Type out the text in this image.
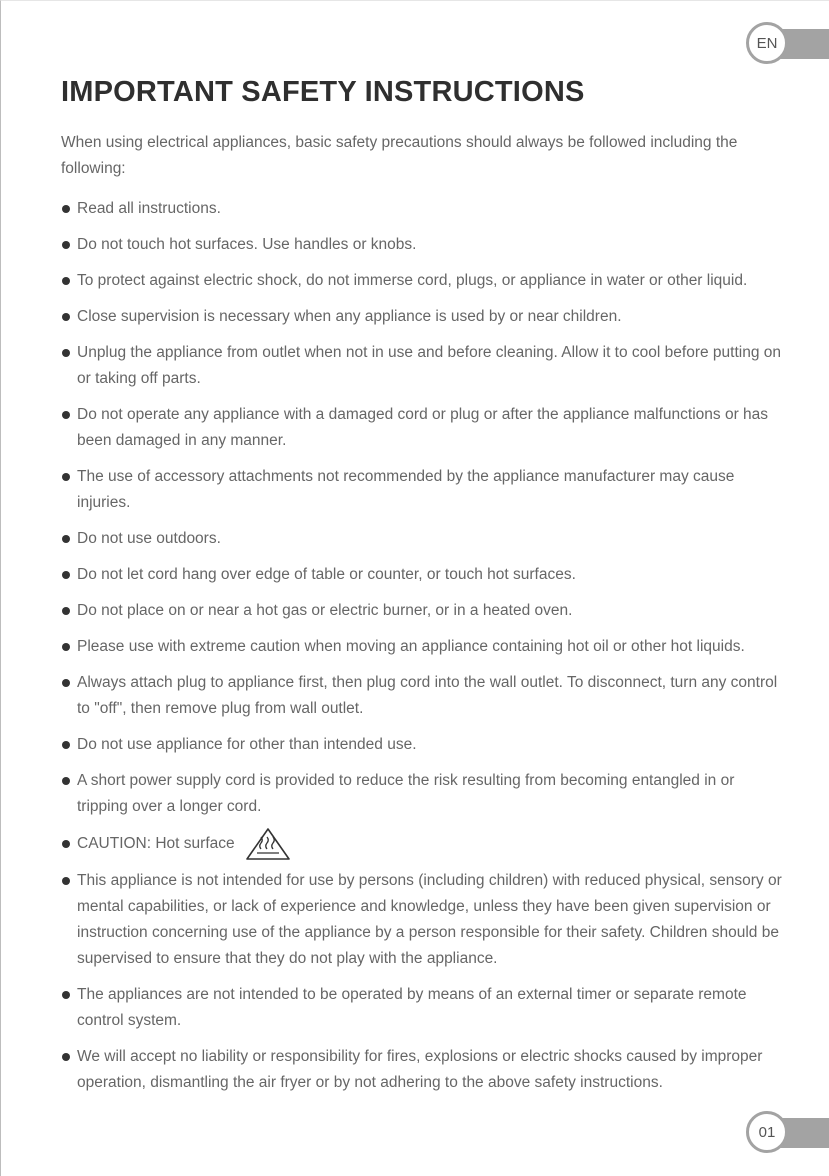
EN
IMPORTANT SAFETY INSTRUCTIONS

When using electrical appliances, basic safety precautions should always be followed including the following:

Read all instructions.
Do not touch hot surfaces. Use handles or knobs.
To protect against electric shock, do not immerse cord, plugs, or appliance in water or other liquid.
Close supervision is necessary when any appliance is used by or near children.
Unplug the appliance from outlet when not in use and before cleaning. Allow it to cool before putting on or taking off parts.
Do not operate any appliance with a damaged cord or plug or after the appliance malfunctions or has been damaged in any manner.
The use of accessory attachments not recommended by the appliance manufacturer may cause injuries.
Do not use outdoors.
Do not let cord hang over edge of table or counter, or touch hot surfaces.
Do not place on or near a hot gas or electric burner, or in a heated oven.
Please use with extreme caution when moving an appliance containing hot oil or other hot liquids.
Always attach plug to appliance first, then plug cord into the wall outlet. To disconnect, turn any control to "off", then remove plug from wall outlet.
Do not use appliance for other than intended use.
A short power supply cord is provided to reduce the risk resulting from becoming entangled in or tripping over a longer cord.
CAUTION: Hot surface
This appliance is not intended for use by persons (including children) with reduced physical, sensory or mental capabilities, or lack of experience and knowledge, unless they have been given supervision or instruction concerning use of the appliance by a person responsible for their safety. Children should be supervised to ensure that they do not play with the appliance.
The appliances are not intended to be operated by means of an external timer or separate remote control system.
We will accept no liability or responsibility for fires, explosions or electric shocks caused by improper operation, dismantling the air fryer or by not adhering to the above safety instructions.
01
